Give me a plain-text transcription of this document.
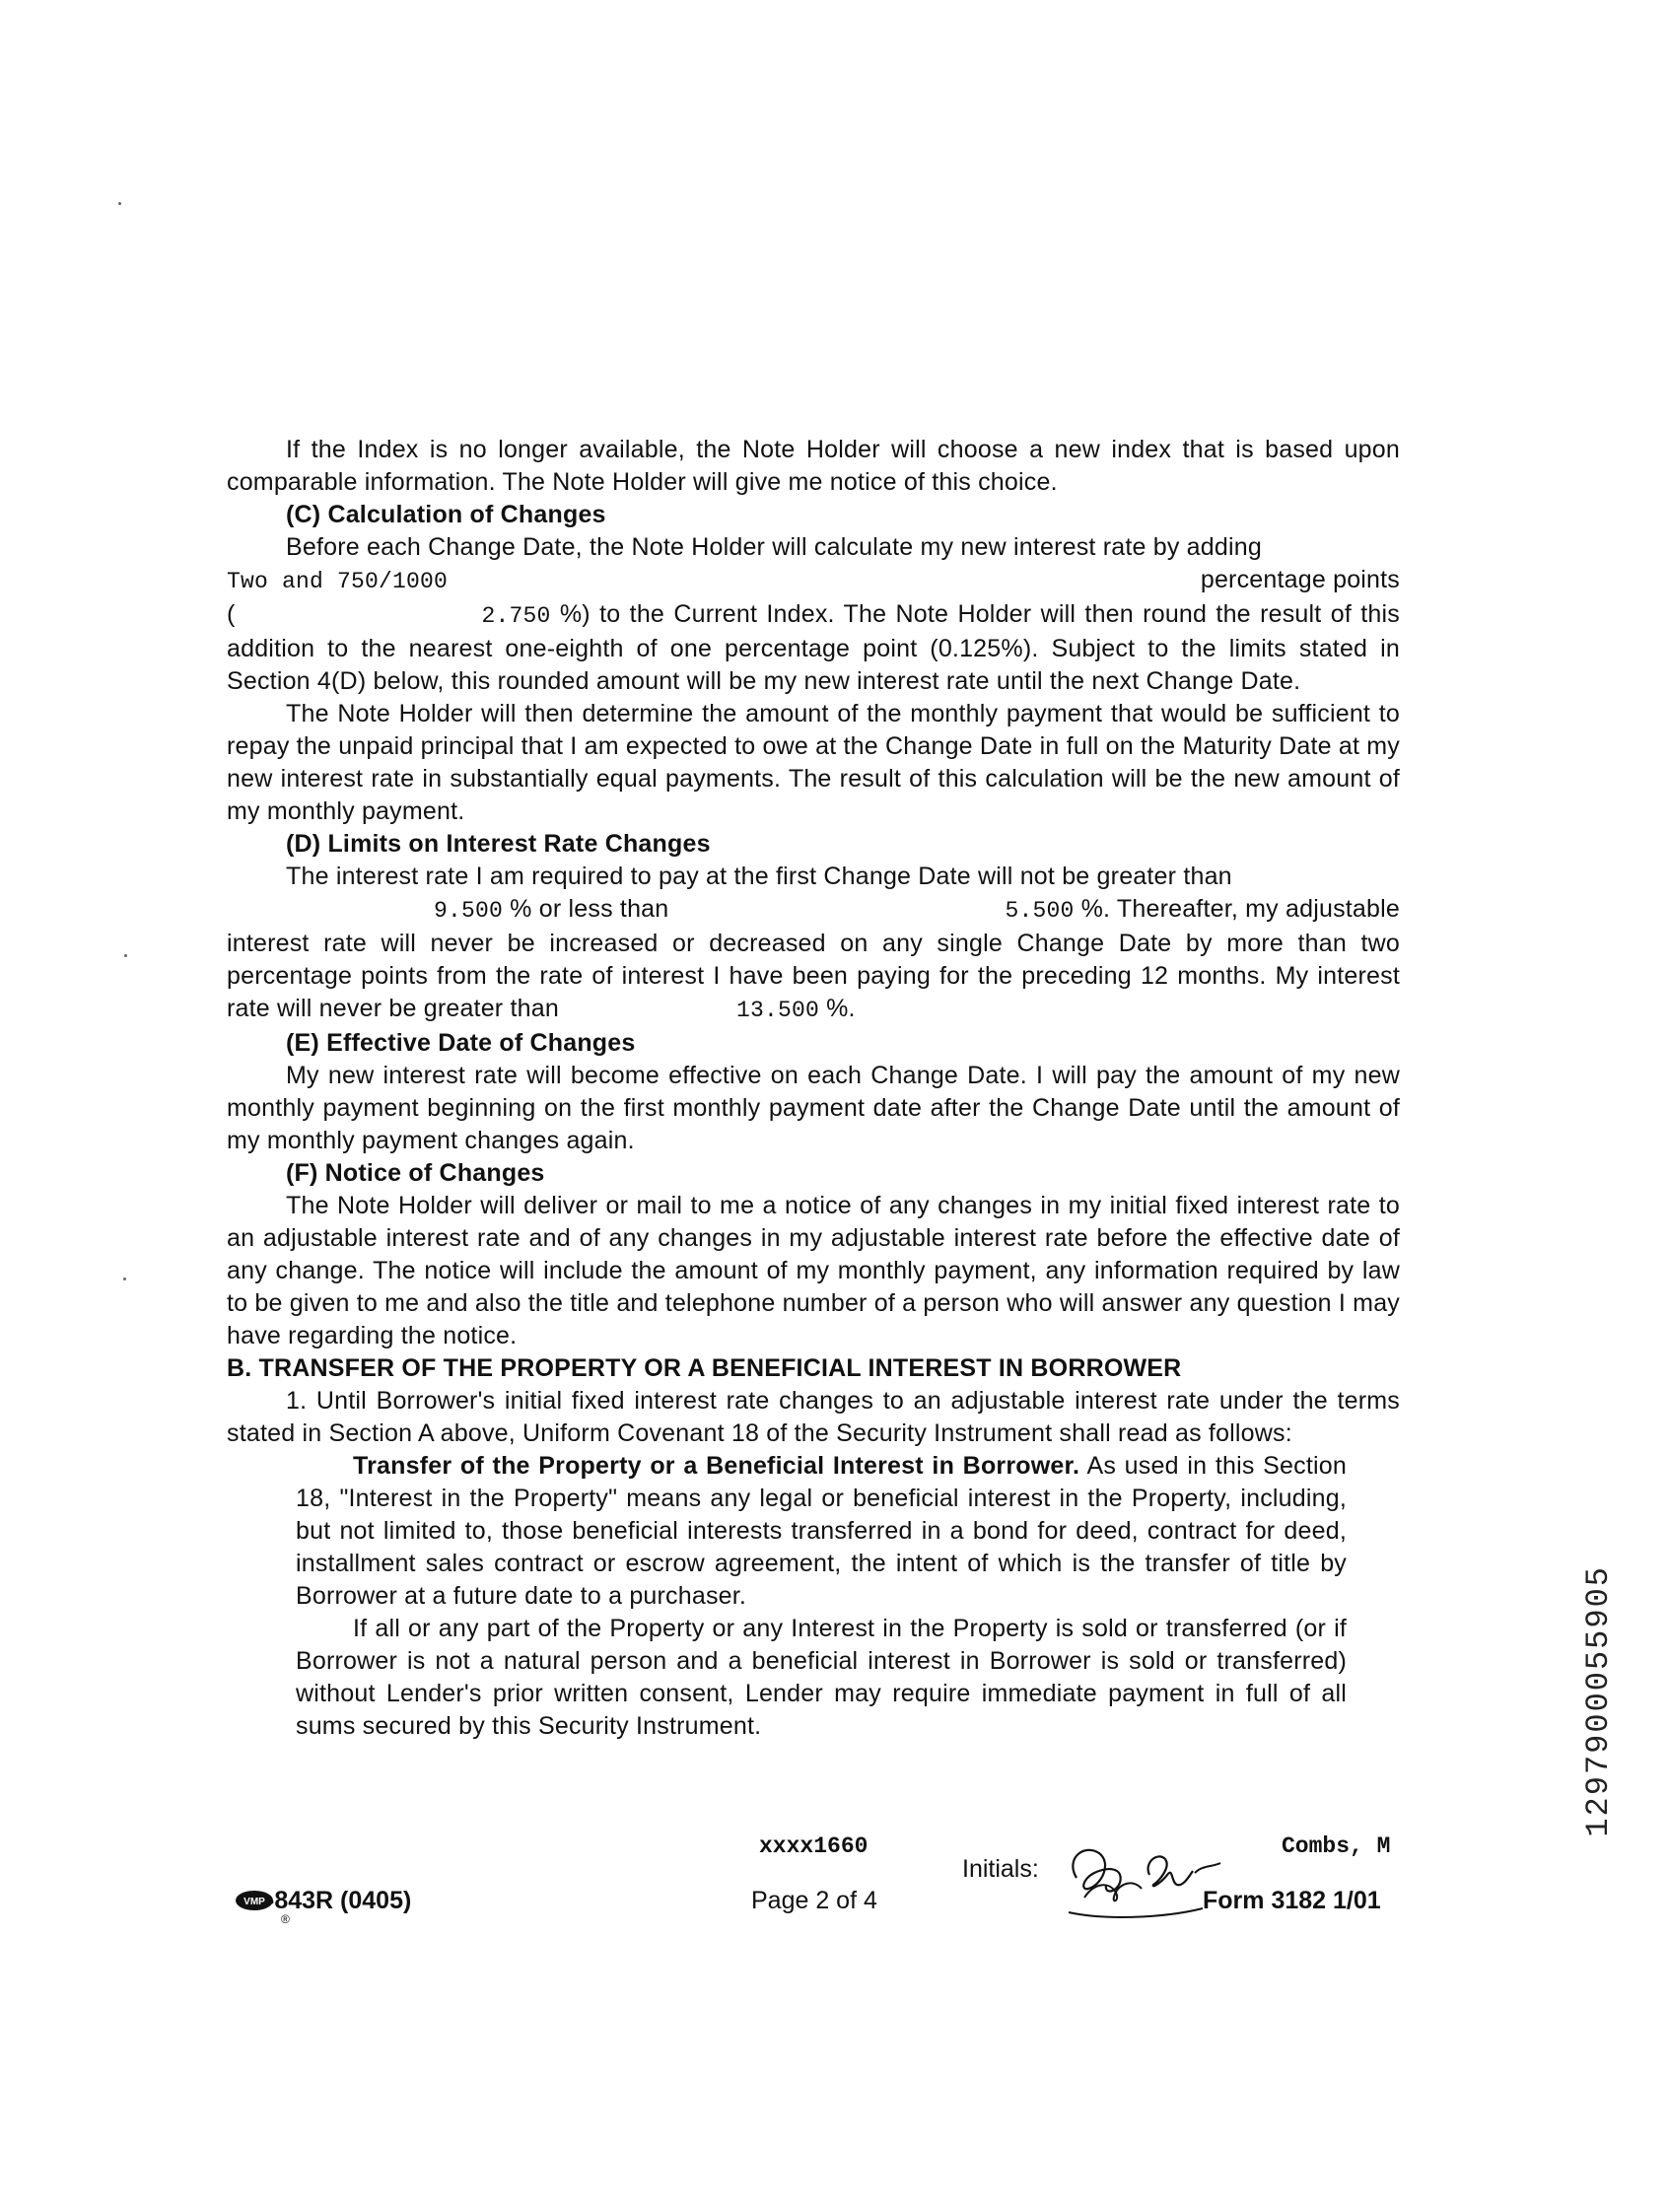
If the Index is no longer available, the Note Holder will choose a new index that is based upon comparable information. The Note Holder will give me notice of this choice.

(C) Calculation of Changes

Before each Change Date, the Note Holder will calculate my new interest rate by adding

Two and 750/1000	percentage points

(	2.750 %) to the Current Index. The Note Holder will then round the result of this addition to the nearest one-eighth of one percentage point (0.125%). Subject to the limits stated in Section 4(D) below, this rounded amount will be my new interest rate until the next Change Date.

The Note Holder will then determine the amount of the monthly payment that would be sufficient to repay the unpaid principal that I am expected to owe at the Change Date in full on the Maturity Date at my new interest rate in substantially equal payments. The result of this calculation will be the new amount of my monthly payment.

(D) Limits on Interest Rate Changes

The interest rate I am required to pay at the first Change Date will not be greater than

9.500 % or less than	5.500 %. Thereafter, my adjustable

interest rate will never be increased or decreased on any single Change Date by more than two percentage points from the rate of interest I have been paying for the preceding 12 months. My interest rate will never be greater than	13.500 %.

(E) Effective Date of Changes

My new interest rate will become effective on each Change Date. I will pay the amount of my new monthly payment beginning on the first monthly payment date after the Change Date until the amount of my monthly payment changes again.

(F) Notice of Changes

The Note Holder will deliver or mail to me a notice of any changes in my initial fixed interest rate to an adjustable interest rate and of any changes in my adjustable interest rate before the effective date of any change. The notice will include the amount of my monthly payment, any information required by law to be given to me and also the title and telephone number of a person who will answer any question I may have regarding the notice.

B. TRANSFER OF THE PROPERTY OR A BENEFICIAL INTEREST IN BORROWER

1. Until Borrower's initial fixed interest rate changes to an adjustable interest rate under the terms stated in Section A above, Uniform Covenant 18 of the Security Instrument shall read as follows:

Transfer of the Property or a Beneficial Interest in Borrower. As used in this Section 18, "Interest in the Property" means any legal or beneficial interest in the Property, including, but not limited to, those beneficial interests transferred in a bond for deed, contract for deed, installment sales contract or escrow agreement, the intent of which is the transfer of title by Borrower at a future date to a purchaser.

If all or any part of the Property or any Interest in the Property is sold or transferred (or if Borrower is not a natural person and a beneficial interest in Borrower is sold or transferred) without Lender's prior written consent, Lender may require immediate payment in full of all sums secured by this Security Instrument.

xxxx1660	Combs, M
Initials:
VMP
®
-843R (0405)	Page 2 of 4	Form 3182 1/01
1297900055905
